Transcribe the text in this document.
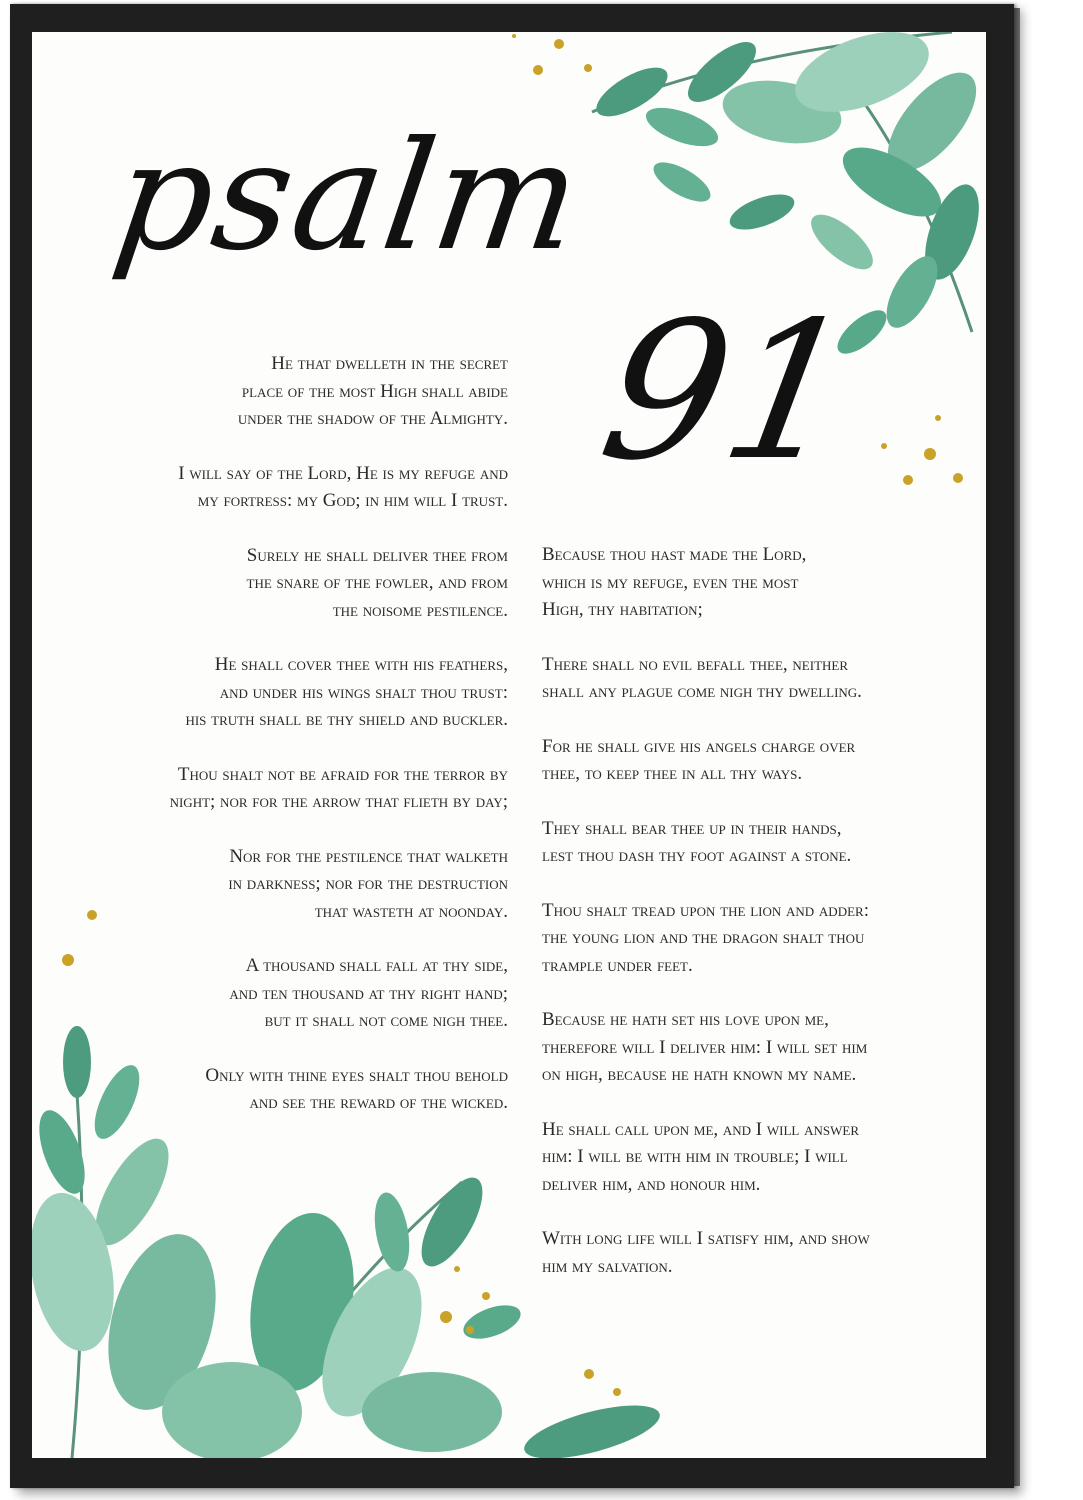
psalm
91

He that dwelleth in the secret
place of the most High shall abide
under the shadow of the Almighty.

I will say of the Lord, He is my refuge and
my fortress: my God; in him will I trust.

Surely he shall deliver thee from
the snare of the fowler, and from
the noisome pestilence.

He shall cover thee with his feathers,
and under his wings shalt thou trust:
his truth shall be thy shield and buckler.

Thou shalt not be afraid for the terror by
night; nor for the arrow that flieth by day;

Nor for the pestilence that walketh
in darkness; nor for the destruction
that wasteth at noonday.

A thousand shall fall at thy side,
and ten thousand at thy right hand;
but it shall not come nigh thee.

Only with thine eyes shalt thou behold
and see the reward of the wicked.

Because thou hast made the Lord,
which is my refuge, even the most
High, thy habitation;

There shall no evil befall thee, neither
shall any plague come nigh thy dwelling.

For he shall give his angels charge over
thee, to keep thee in all thy ways.

They shall bear thee up in their hands,
lest thou dash thy foot against a stone.

Thou shalt tread upon the lion and adder:
the young lion and the dragon shalt thou
trample under feet.

Because he hath set his love upon me,
therefore will I deliver him: I will set him
on high, because he hath known my name.

He shall call upon me, and I will answer
him: I will be with him in trouble; I will
deliver him, and honour him.

With long life will I satisfy him, and show
him my salvation.
